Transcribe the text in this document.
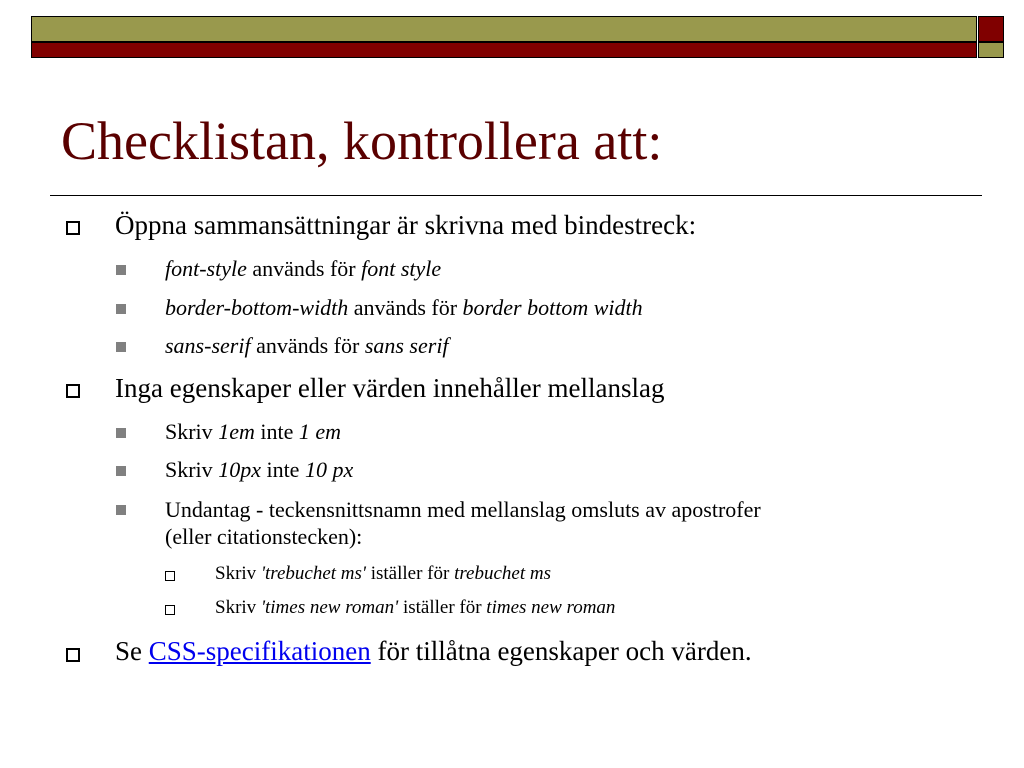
Checklistan, kontrollera att:
Öppna sammansättningar är skrivna med bindestreck:
font-style används för font style
border-bottom-width används för border bottom width
sans-serif används för sans serif
Inga egenskaper eller värden innehåller mellanslag
Skriv 1em inte 1 em
Skriv 10px inte 10 px
Undantag - teckensnittsnamn med mellanslag omsluts av apostrofer
(eller citationstecken):
Skriv 'trebuchet ms' iställer för trebuchet ms
Skriv 'times new roman' iställer för times new roman
Se CSS-specifikationen för tillåtna egenskaper och värden.
